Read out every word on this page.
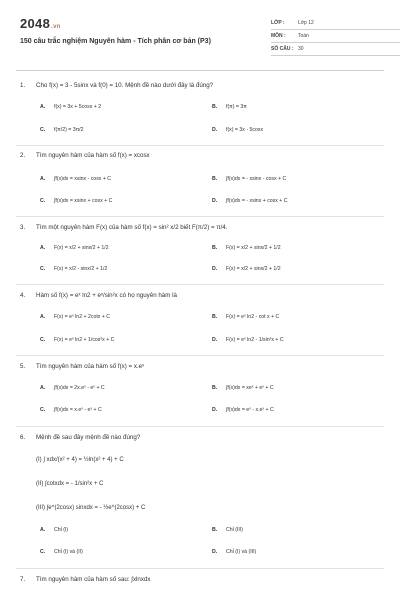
2048.vn
150 câu trắc nghiệm Nguyên hàm - Tích phân cơ bản (P3)
LỚP :	Lớp 12
MÔN : Toán
SỐ CÂU : 30
1. Cho f(x) = 3 - 5sinx và f(0) = 10. Mệnh đề nào dưới đây là đúng?
A. f(x) = 3x + 5cosx + 2	B. f(π) = 3π
C. f(π/2) = 3π/2	D. f(x) = 3x - 5cosx
2. Tìm nguyên hàm của hàm số f(x) = xcosx
A. ∫f(x)dx = xsinx - cosx + C	B. ∫f(x)dx = - xsinx - cosx + C
C. ∫f(x)dx = xsinx + cosx + C	D. ∫f(x)dx = - xsinx + cosx + C
3. Tìm một nguyên hàm F(x) của hàm số f(x) = sin² x/2 biết F(π/2) = π/4.
A. F(x) = x/2 + sinx/2 + 1/2	B. F(x) = x/2 + sinx/2 + 1/2
C. F(x) = x/2 - sinx/2 + 1/2	D. F(x) = x/2 + sinx/2 + 1/2
4. Hàm số f(x) = eˣ ln2 + eˣ/sin²x có họ nguyên hàm là
A. F(x) = eˣ ln2 + 2cotx + C	B. F(x) = eˣ ln2 - cot x + C
C. F(x) = eˣ ln2 + 1/cos²x + C	D. F(x) = eˣ ln2 - 1/sin²x + C
5. Tìm nguyên hàm của hàm số f(x) = x.eˣ
A. ∫f(x)dx = 2x.eˣ - eˣ + C	B. ∫f(x)dx = xeˣ + eˣ + C
C. ∫f(x)dx = x.eˣ - eˣ + C	D. ∫f(x)dx = eˣ - x.eˣ + C
6. Mệnh đề sau đây mệnh đề nào đúng?
(I) ∫ xdx/(x² + 4) = ½ln(x² + 4) + C
(II) ∫cotxdx = - 1/sin²x + C
(III) ∫e^(2cosx) sinxdx = - ½e^(2cosx) + C
A. Chỉ (I)	B. Chỉ (III)
C. Chỉ (I) và (II)	D. Chỉ (I) và (III)
7. Tìm nguyên hàm của hàm số sau: ∫xlnxdx
